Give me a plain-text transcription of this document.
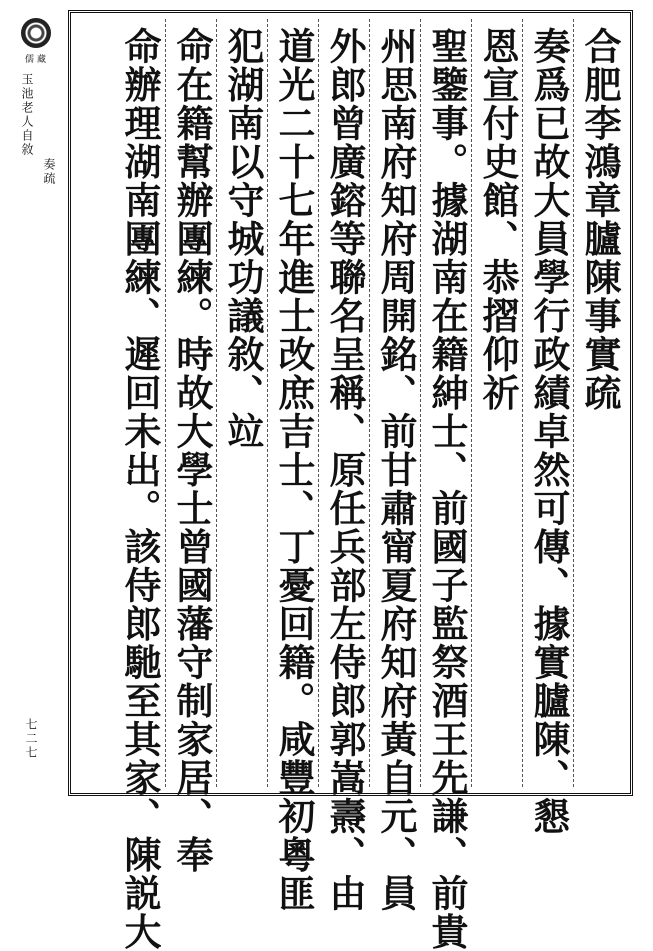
儒藏
玉池老人自敘
奏疏
七二七
合肥李鴻章臚陳事實疏
奏爲已故大員學行政績卓然可傳、據實臚陳、懇
恩宣付史館、恭摺仰祈
聖鑒事。據湖南在籍紳士、前國子監祭酒王先謙、前貴
州思南府知府周開銘、前甘肅甯夏府知府黃自元、員
外郎曾廣鎔等聯名呈稱、原任兵部左侍郎郭嵩燾、由
道光二十七年進士改庶吉士、丁憂回籍。咸豐初粵匪
犯湖南以守城功議敘、竝
命在籍幫辦團練。時故大學士曾國藩守制家居、奉
命辦理湖南團練、遲回未出。該侍郎馳至其家、陳説大
